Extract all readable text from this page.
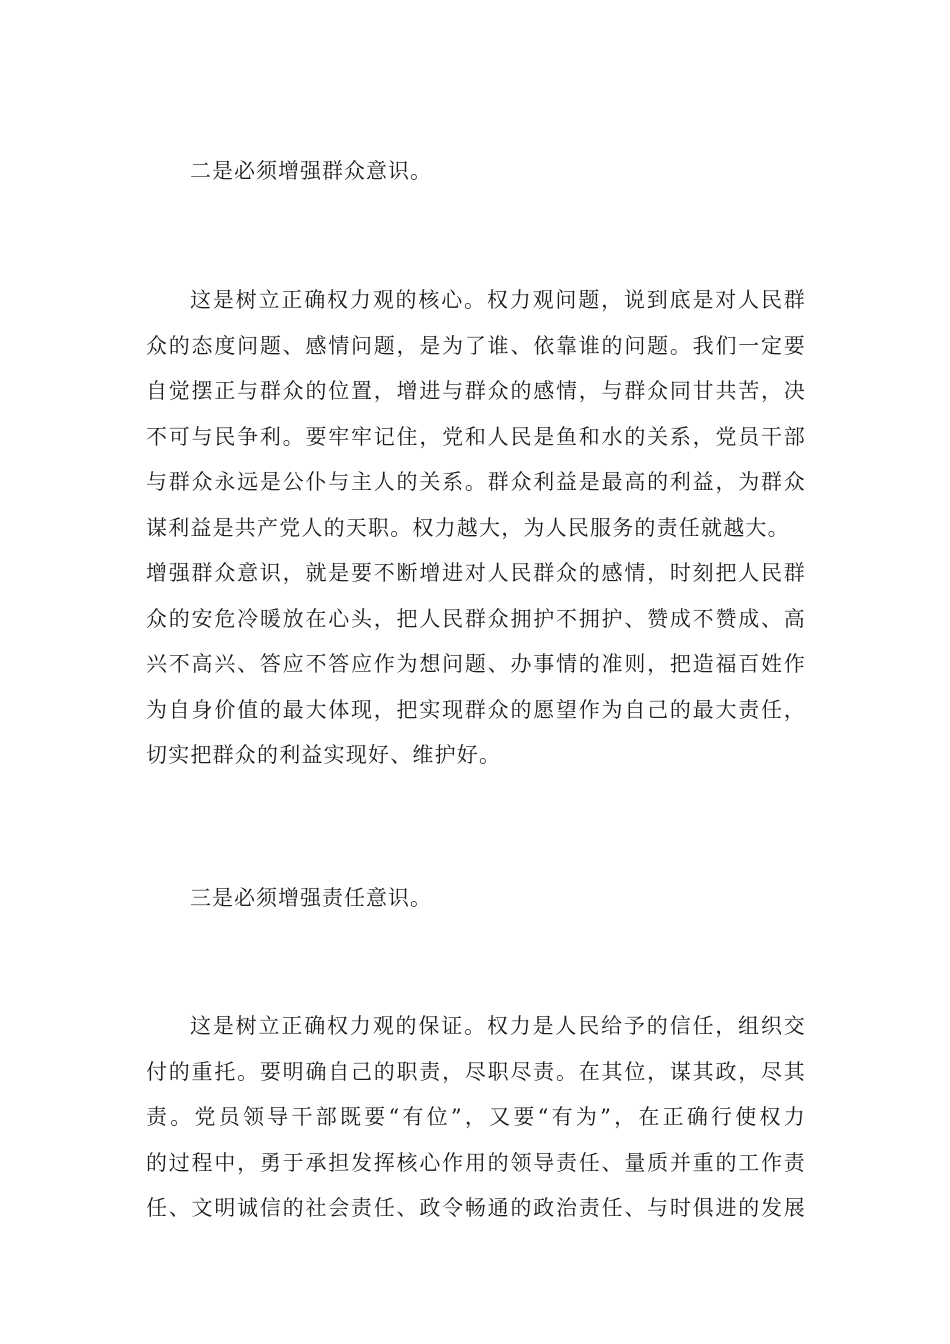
二是必须增强群众意识。
这是树立正确权力观的核心。权力观问题，说到底是对人民群
众的态度问题、感情问题，是为了谁、依靠谁的问题。我们一定要
自觉摆正与群众的位置，增进与群众的感情，与群众同甘共苦，决
不可与民争利。要牢牢记住，党和人民是鱼和水的关系，党员干部
与群众永远是公仆与主人的关系。群众利益是最高的利益，为群众
谋利益是共产党人的天职。权力越大，为人民服务的责任就越大。
增强群众意识，就是要不断增进对人民群众的感情，时刻把人民群
众的安危冷暖放在心头，把人民群众拥护不拥护、赞成不赞成、高
兴不高兴、答应不答应作为想问题、办事情的准则，把造福百姓作
为自身价值的最大体现，把实现群众的愿望作为自己的最大责任，
切实把群众的利益实现好、维护好。
三是必须增强责任意识。
这是树立正确权力观的保证。权力是人民给予的信任，组织交
付的重托。要明确自己的职责，尽职尽责。在其位，谋其政，尽其
责。党员领导干部既要“有位”，又要“有为”，在正确行使权力
的过程中，勇于承担发挥核心作用的领导责任、量质并重的工作责
任、文明诚信的社会责任、政令畅通的政治责任、与时俱进的发展
